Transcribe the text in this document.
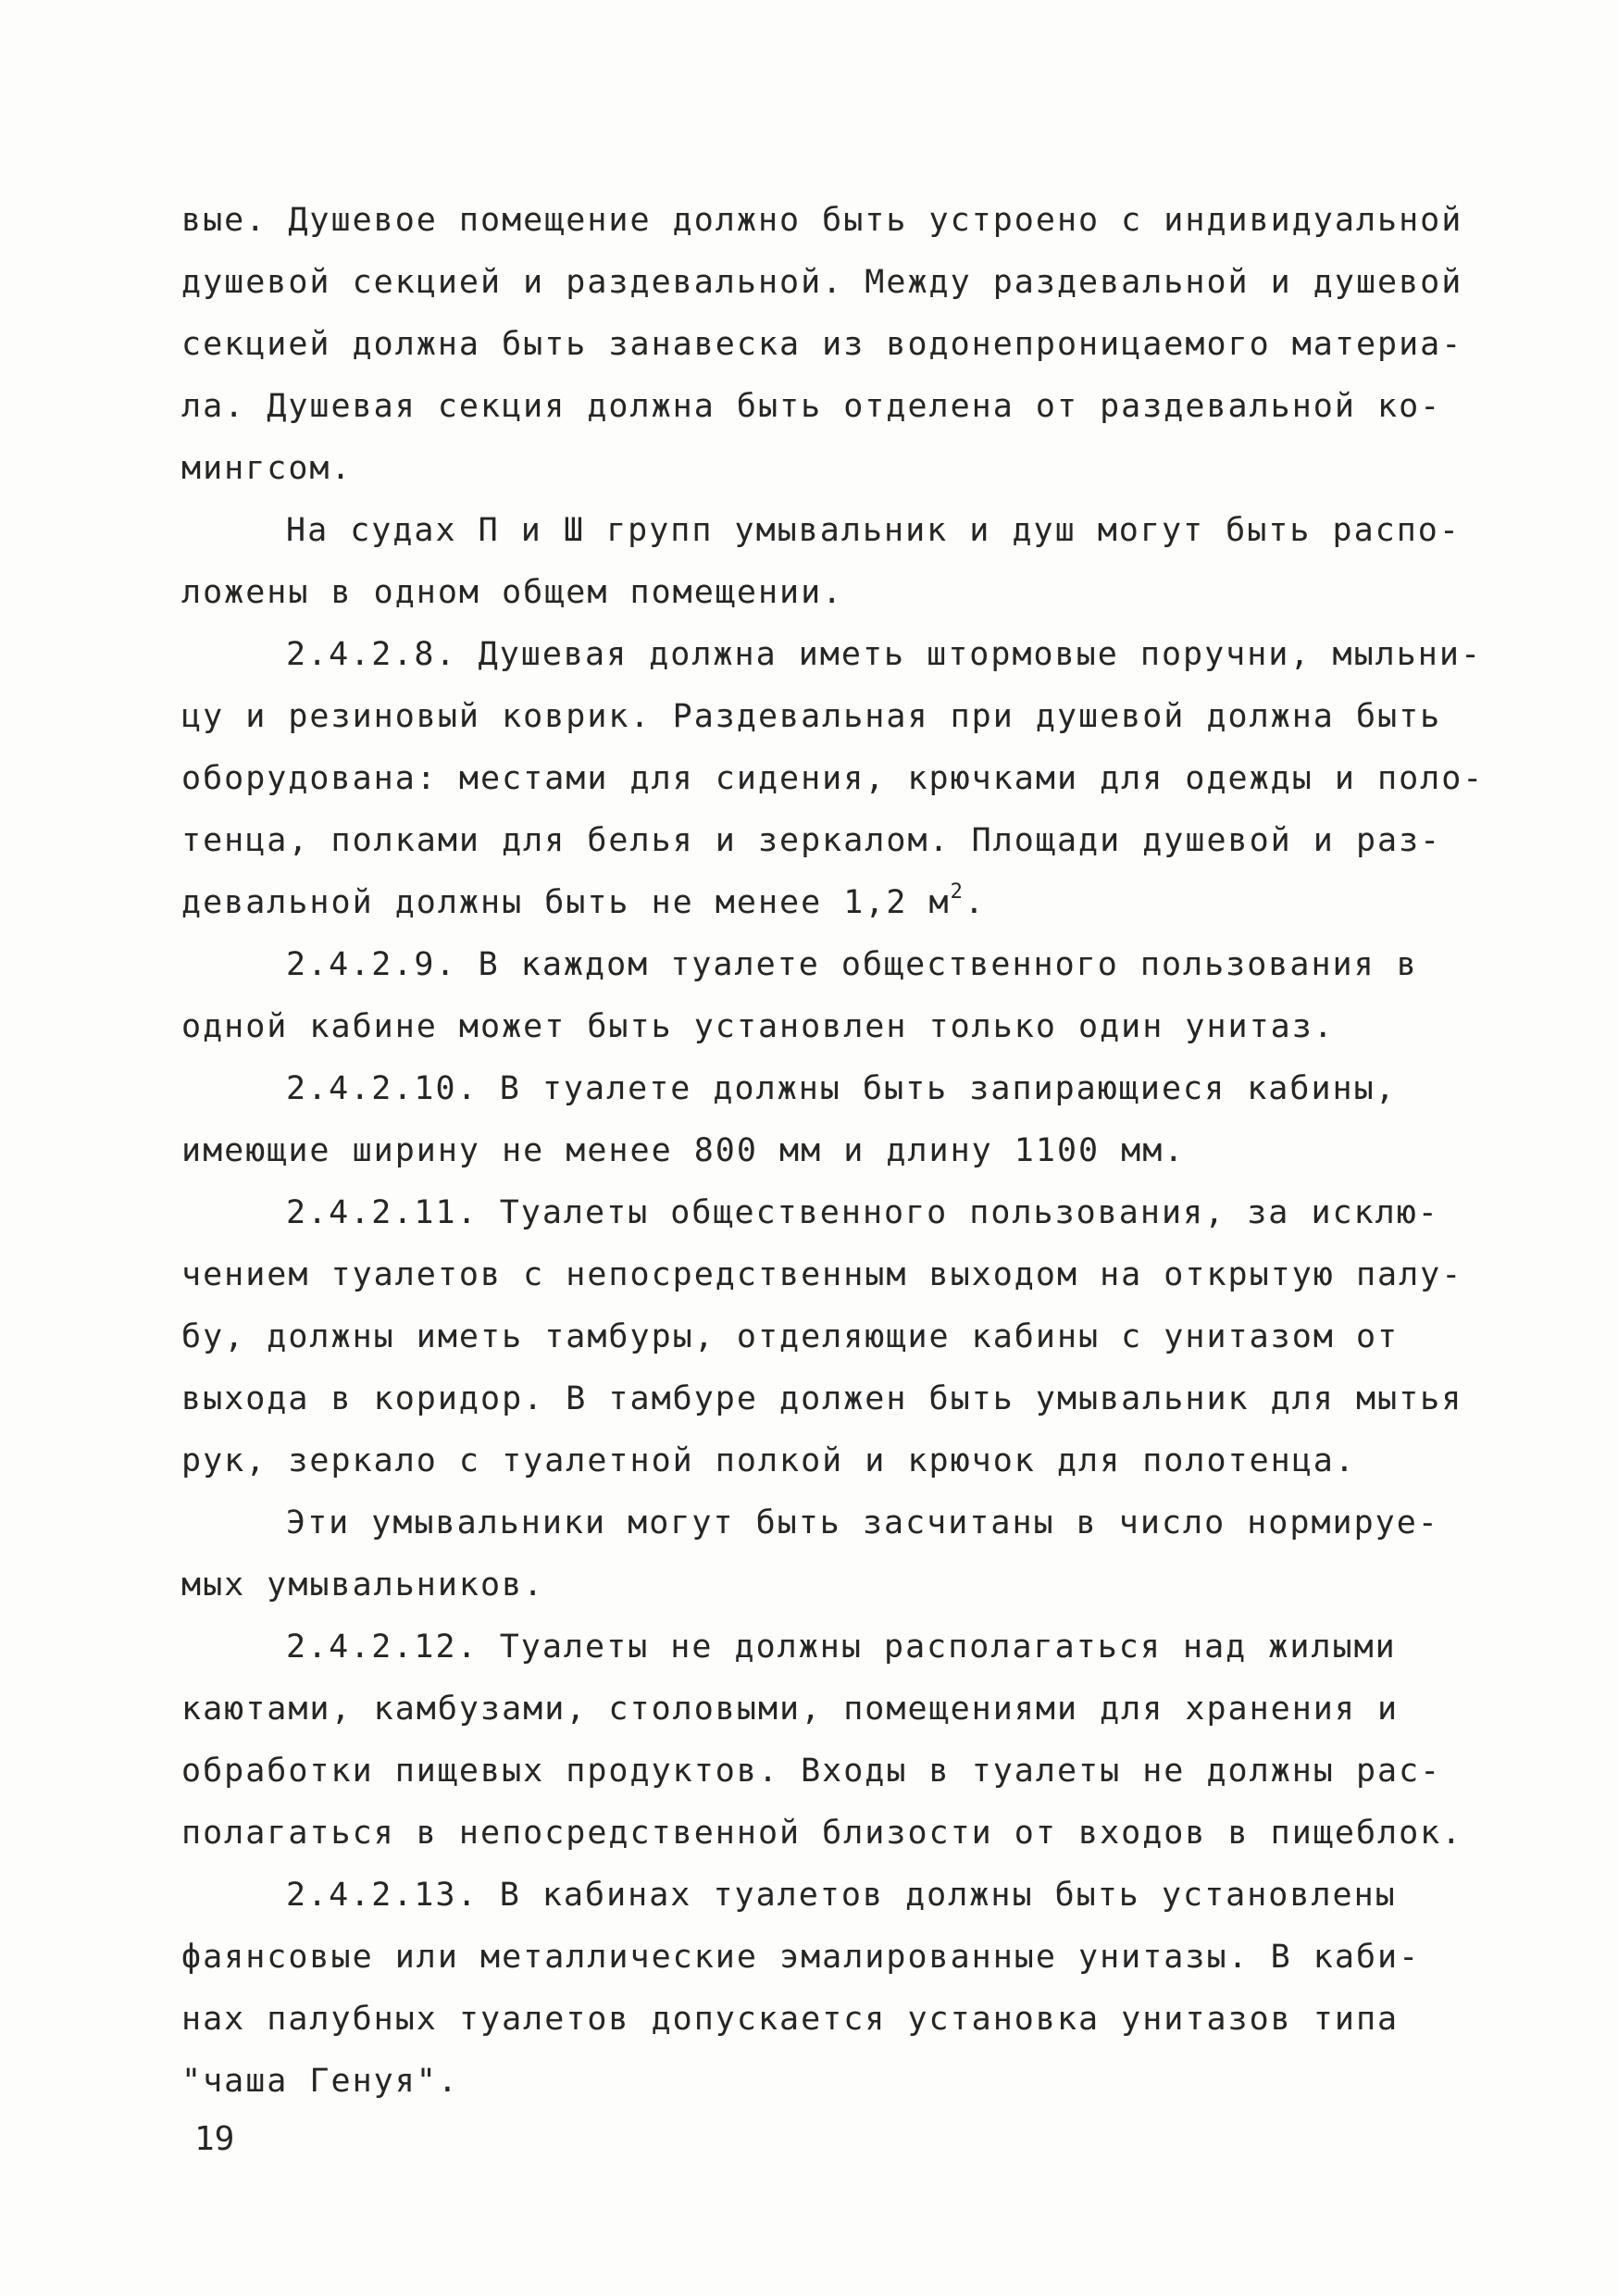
вые. Душевое помещение должно быть устроено с индивидуальной
душевой секцией и раздевальной. Между раздевальной и душевой
секцией должна быть занавеска из водонепроницаемого материа-
ла. Душевая секция должна быть отделена от раздевальной ко-
мингсом.
На судах П и Ш групп умывальник и душ могут быть распо-
ложены в одном общем помещении.
2.4.2.8. Душевая должна иметь штормовые поручни, мыльни-
цу и резиновый коврик. Раздевальная при душевой должна быть
оборудована: местами для сидения, крючками для одежды и поло-
тенца, полками для белья и зеркалом. Площади душевой и раз-
девальной должны быть не менее 1,2 $м^2$.
2.4.2.9. В каждом туалете общественного пользования в
одной кабине может быть установлен только один унитаз.
2.4.2.10. В туалете должны быть запирающиеся кабины,
имеющие ширину не менее 800 мм и длину 1100 мм.
2.4.2.11. Туалеты общественного пользования, за исклю-
чением туалетов с непосредственным выходом на открытую палу-
бу, должны иметь тамбуры, отделяющие кабины с унитазом от
выхода в коридор. В тамбуре должен быть умывальник для мытья
рук, зеркало с туалетной полкой и крючок для полотенца.
Эти умывальники могут быть засчитаны в число нормируе-
мых умывальников.
2.4.2.12. Туалеты не должны располагаться над жилыми
каютами, камбузами, столовыми, помещениями для хранения и
обработки пищевых продуктов. Входы в туалеты не должны рас-
полагаться в непосредственной близости от входов в пищеблок.
2.4.2.13. В кабинах туалетов должны быть установлены
фаянсовые или металлические эмалированные унитазы. В каби-
нах палубных туалетов допускается установка унитазов типа
"чаша Генуя".
19
